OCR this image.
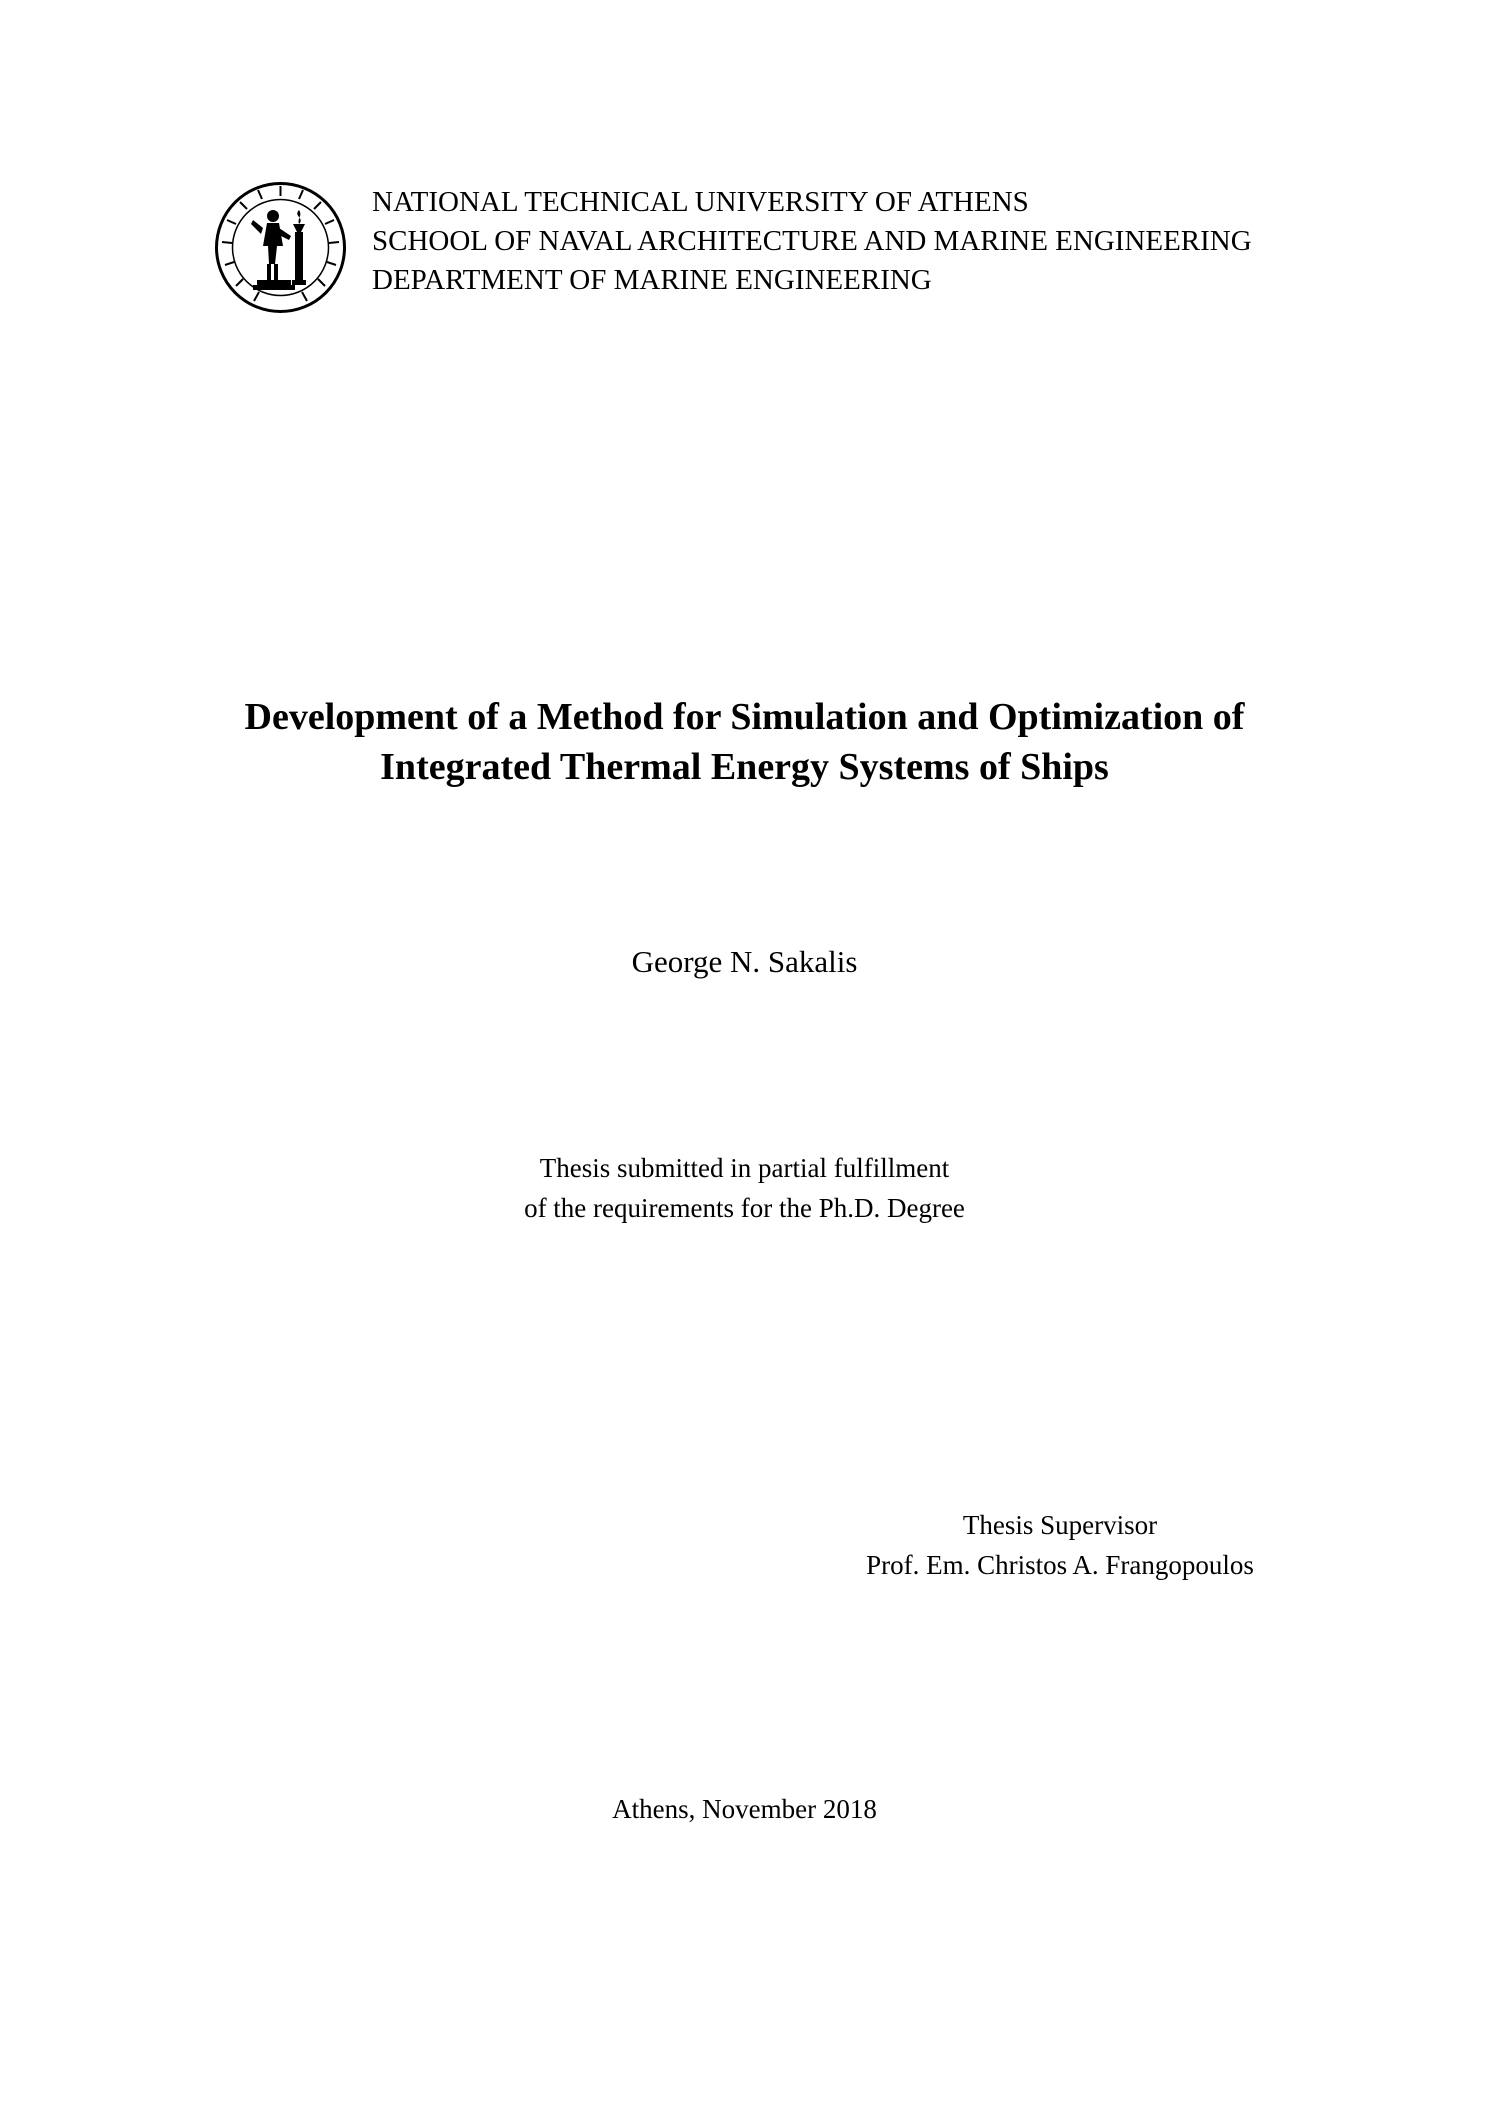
NATIONAL TECHNICAL UNIVERSITY OF ATHENS
SCHOOL OF NAVAL ARCHITECTURE AND MARINE ENGINEERING
DEPARTMENT OF MARINE ENGINEERING
Development of a Method for Simulation and Optimization of
Integrated Thermal Energy Systems of Ships
George N. Sakalis
Thesis submitted in partial fulfillment
of the requirements for the Ph.D. Degree
Thesis Supervisor
Prof. Em. Christos A. Frangopoulos
Athens, November 2018
